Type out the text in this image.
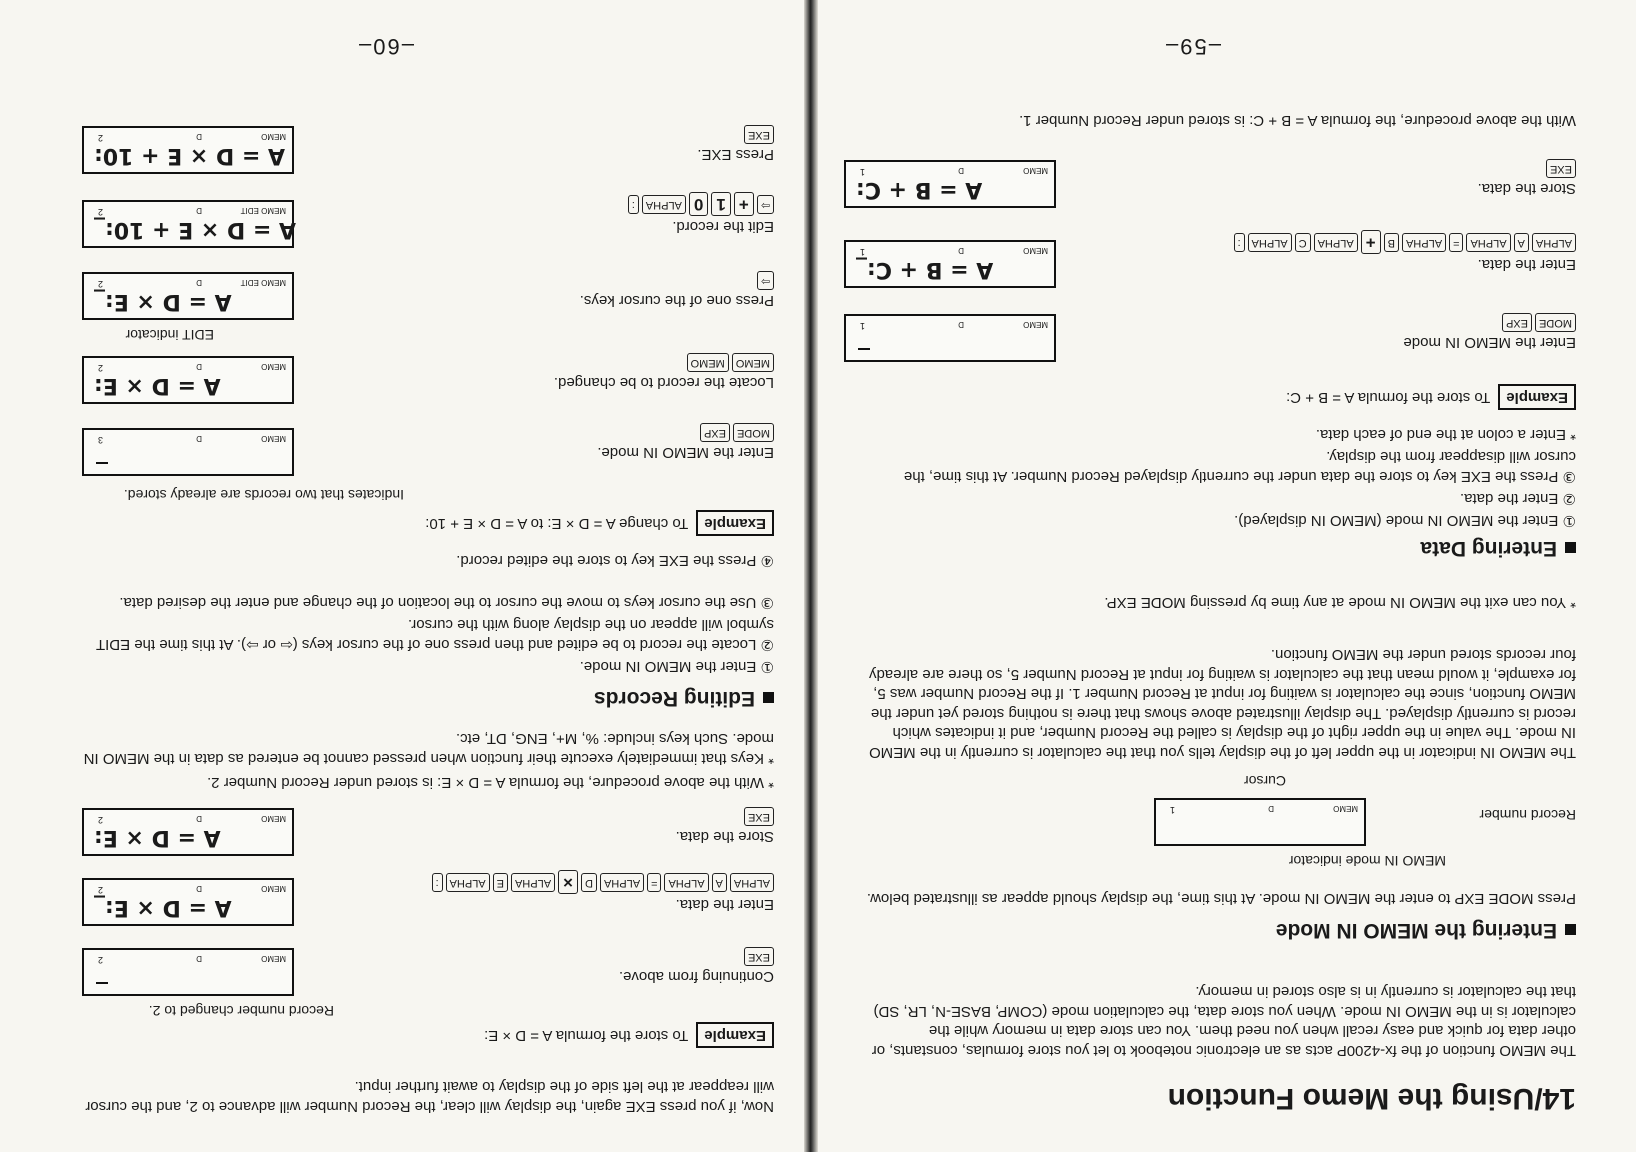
14/Using the Memo Function

The MEMO function of the fx-4200P acts as an electronic notebook to let you store formulas, constants, or other data for quick and easy recall when you need them. You can store data in memory while the calculator is in the MEMO IN mode. When you store data, the calculation mode (COMP, BASE-N, LR, SD) that the calculator is currently in is also stored in memory.

Entering the MEMO IN Mode

Press MODE EXP to enter the MEMO IN mode. At this time, the display should appear as illustrated below.

MEMO IN mode indicator
Record number
MEMO
D
1
Cursor

The MEMO IN indicator in the upper left of the display tells you that the calculator is currently in the MEMO IN mode. The value in the upper right of the display is called the Record Number, and it indicates which record is currently displayed. The display illustrated above shows that there is nothing stored yet under the MEMO function, since the calculator is waiting for input at Record Number 1. If the Record Number was 5, for example, it would mean that the calculator is waiting for input at Record Number 5, so there are already four records stored under the MEMO function.

* You can exit the MEMO IN mode at any time by pressing MODE EXP.

Entering Data
① Enter the MEMO IN mode (MEMO IN displayed).
② Enter the data.
③ Press the EXE key to store the data under the currently displayed Record Number. At this time, the cursor will disappear from the display.
* Enter a colon at the end of each data.
ExampleTo store the formula A = B + C:
Enter the MEMO IN mode
MODEEXP
MEMO
D
1
Enter the data.
ALPHAAALPHA=ALPHAB+ALPHACALPHA:
A = B + C:_
MEMO
D
1
Store the data.
EXE
A = B + C:
MEMO
D
1

With the above procedure, the formula A = B + C: is stored under Record Number 1.

–59–

Now, if you press EXE again, the display will clear, the Record Number will advance to 2, and the cursor will reappear at the left side of the display to await further input.

ExampleTo store the formula A = D × E:
Record number changed to 2.
Continuing from above.
EXE
MEMO
D
2
Enter the data.
ALPHAAALPHA=ALPHAD×ALPHAEALPHA:
A = D × E:_
MEMO
D
2
Store the data.
EXE
A = D × E:
MEMO
D
2

* With the above procedure, the formula A = D × E: is stored under Record Number 2.

* Keys that immediately execute their function when pressed cannot be entered as data in the MEMO IN mode. Such keys include: %, M+, ENG, DT, etc.

Editing Records
① Enter the MEMO IN mode.
② Locate the record to be edited and then press one of the cursor keys (⇦ or ⇨). At this time the EDIT symbol will appear on the display along with the cursor.
③ Use the cursor keys to move the cursor to the location of the change and enter the desired data.
④ Press the EXE key to store the edited record.
ExampleTo change A = D × E: to A = D × E + 10:
Indicates that two records are already stored.
Enter the MEMO IN mode.
MODEEXP
MEMO
D
3
Locate the record to be changed.
MEMOMEMO
A = D × E:
MEMO
D
2
EDIT indicator
Press one of the cursor keys.
⇨
A = D × E:_
MEMO EDIT
D
2
Edit the record.
⇨+10ALPHA:
A = D × E + 10:_
MEMO EDIT
D
2
Press EXE.
EXE
A = D × E + 10:
MEMO
D
2
–60–
